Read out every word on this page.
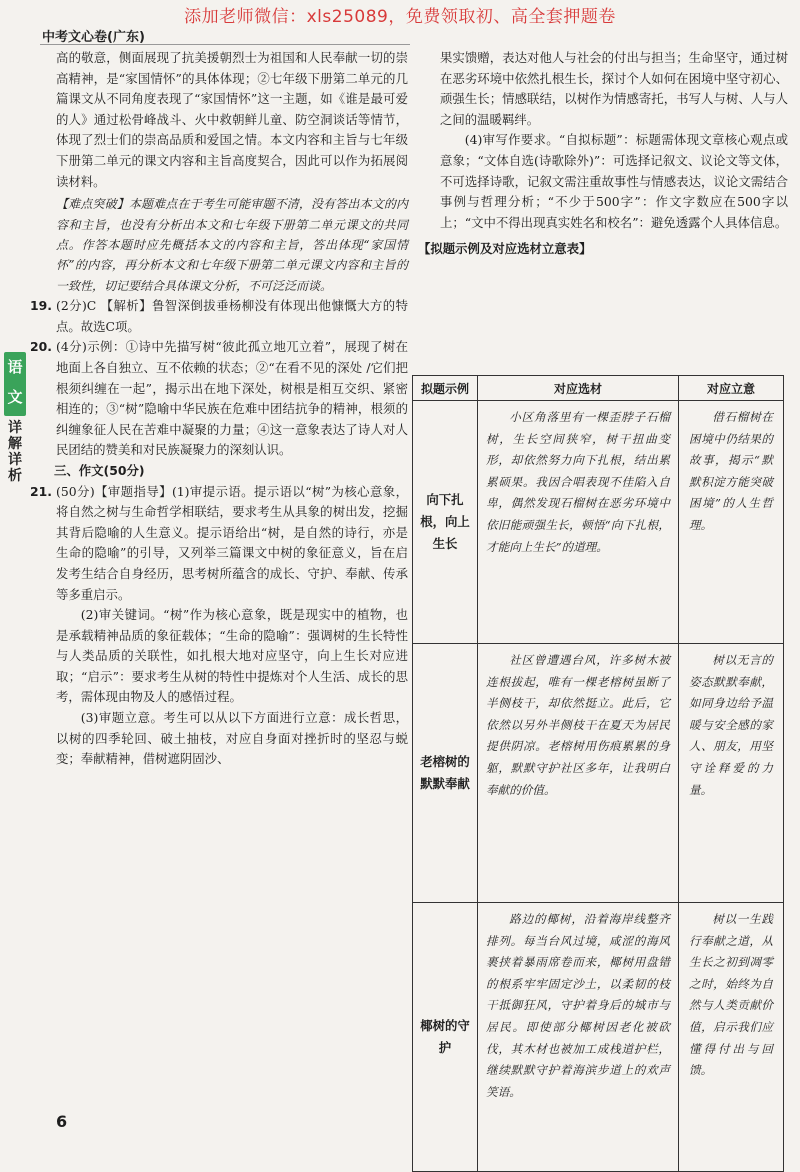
添加老师微信：xls25089，免费领取初、高全套押题卷
中考文心卷(广东)
语文
详解详析

高的敬意，侧面展现了抗美援朝烈士为祖国和人民奉献一切的崇高精神，是“家国情怀”的具体体现；②七年级下册第二单元的几篇课文从不同角度表现了“家国情怀”这一主题，如《谁是最可爱的人》通过松骨峰战斗、火中救朝鲜儿童、防空洞谈话等情节，体现了烈士们的崇高品质和爱国之情。本文内容和主旨与七年级下册第二单元的课文内容和主旨高度契合，因此可以作为拓展阅读材料。

【难点突破】本题难点在于考生可能审题不清，没有答出本文的内容和主旨，也没有分析出本文和七年级下册第二单元课文的共同点。作答本题时应先概括本文的内容和主旨，答出体现“家国情怀”的内容，再分析本文和七年级下册第二单元课文内容和主旨的一致性，切记要结合具体课文分析，不可泛泛而谈。

19. (2分)C 【解析】鲁智深倒拔垂杨柳没有体现出他慷慨大方的特点。故选C项。

20. (4分)示例：①诗中先描写树“彼此孤立地兀立着”，展现了树在地面上各自独立、互不依赖的状态；②“在看不见的深处 /它们把根须纠缠在一起”，揭示出在地下深处，树根是相互交织、紧密相连的；③“树”隐喻中华民族在危难中团结抗争的精神，根须的纠缠象征人民在苦难中凝聚的力量；④这一意象表达了诗人对人民团结的赞美和对民族凝聚力的深刻认识。

三、作文(50分)

21. (50分)【审题指导】(1)审提示语。提示语以“树”为核心意象，将自然之树与生命哲学相联结，要求考生从具象的树出发，挖掘其背后隐喻的人生意义。提示语给出“树，是自然的诗行，亦是生命的隐喻”的引导，又列举三篇课文中树的象征意义，旨在启发考生结合自身经历，思考树所蕴含的成长、守护、奉献、传承等多重启示。

(2)审关键词。“树”作为核心意象，既是现实中的植物，也是承载精神品质的象征载体；“生命的隐喻”：强调树的生长特性与人类品质的关联性，如扎根大地对应坚守，向上生长对应进取；“启示”：要求考生从树的特性中提炼对个人生活、成长的思考，需体现由物及人的感悟过程。

(3)审题立意。考生可以从以下方面进行立意：成长哲思，以树的四季轮回、破土抽枝，对应自身面对挫折时的坚忍与蜕变；奉献精神，借树遮阴固沙、

果实馈赠，表达对他人与社会的付出与担当；生命坚守，通过树在恶劣环境中依然扎根生长，探讨个人如何在困境中坚守初心、顽强生长；情感联结，以树作为情感寄托，书写人与树、人与人之间的温暖羁绊。

(4)审写作要求。“自拟标题”：标题需体现文章核心观点或意象；“文体自选(诗歌除外)”：可选择记叙文、议论文等文体，不可选择诗歌，记叙文需注重故事性与情感表达，议论文需结合事例与哲理分析；“不少于500字”：作文字数应在500字以上；“文中不得出现真实姓名和校名”：避免透露个人具体信息。

【拟题示例及对应选材立意表】

拟题示例	对应选材	对应立意
向下扎根，向上生长	小区角落里有一棵歪脖子石榴树，生长空间狭窄，树干扭曲变形，却依然努力向下扎根，结出累累硕果。我因合唱表现不佳陷入自卑，偶然发现石榴树在恶劣环境中依旧能顽强生长，顿悟“向下扎根，才能向上生长”的道理。	借石榴树在困境中仍结果的故事，揭示“默默积淀方能突破困境”的人生哲理。
老榕树的默默奉献	社区曾遭遇台风，许多树木被连根拔起，唯有一棵老榕树虽断了半侧枝干，却依然挺立。此后，它依然以另外半侧枝干在夏天为居民提供阴凉。老榕树用伤痕累累的身躯，默默守护社区多年，让我明白奉献的价值。	树以无言的姿态默默奉献，如同身边给予温暖与安全感的家人、朋友，用坚守诠释爱的力量。
椰树的守护	路边的椰树，沿着海岸线整齐排列。每当台风过境，咸涩的海风裹挟着暴雨席卷而来，椰树用盘错的根系牢牢固定沙土，以柔韧的枝干抵御狂风，守护着身后的城市与居民。即使部分椰树因老化被砍伐，其木材也被加工成栈道护栏，继续默默守护着海滨步道上的欢声笑语。	树以一生践行奉献之道，从生长之初到凋零之时，始终为自然与人类贡献价值，启示我们应懂得付出与回馈。
6
